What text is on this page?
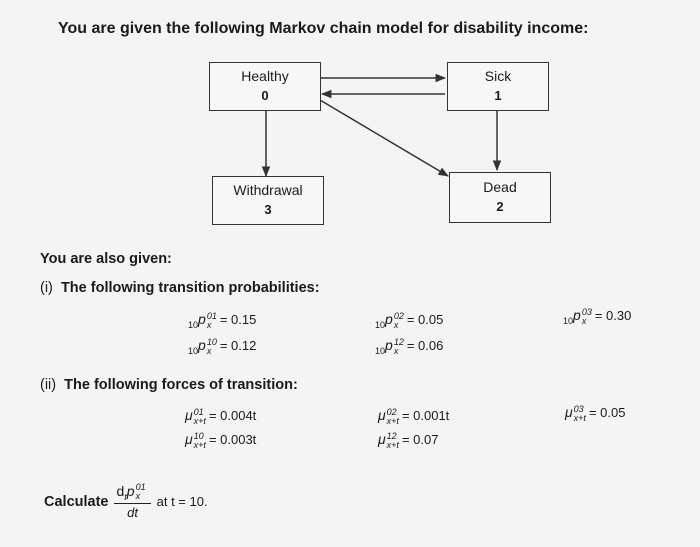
You are given the following Markov chain model for disability income:
Healthy
0
Sick
1
Withdrawal
3
Dead
2
You are also given:
(i) The following transition probabilities:
$_{10}$p 01
x = 0.15
$_{10}$p 10
x = 0.12
$_{10}$p 02
x = 0.05
$_{10}$p 12
x = 0.06
$_{10}$p 03
x = 0.30
(ii) The following forces of transition:
μ 01
x+t = 0.004t
μ 10
x+t = 0.003t
μ 02
x+t = 0.001t
μ 12
x+t = 0.07
μ 03
x+t = 0.05
Calculate $d_tp$ 01
x
dt at t = 10.
